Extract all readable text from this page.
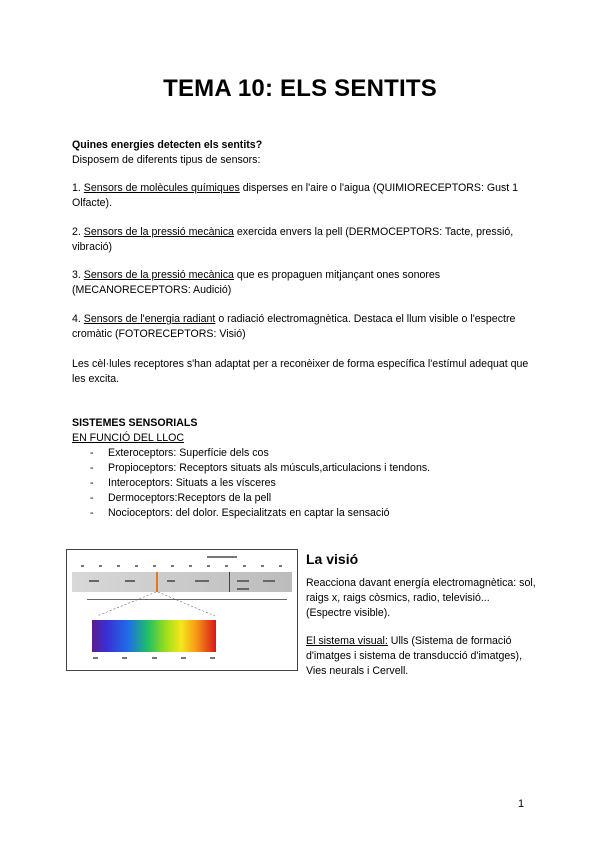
TEMA 10: ELS SENTITS
Quines energies detecten els sentits?
Disposem de diferents tipus de sensors:
1. Sensors de molècules químiques disperses en l'aire o l'aigua (QUIMIORECEPTORS: Gust 1 Olfacte).
2. Sensors de la pressió mecànica exercida envers la pell (DERMOCEPTORS: Tacte, pressió, vibració)
3. Sensors de la pressió mecànica que es propaguen mitjançant ones sonores (MECANORECEPTORS: Audició)
4. Sensors de l'energia radiant o radiació electromagnètica. Destaca el llum visible o l'espectre cromàtic (FOTORECEPTORS: Visió)
Les cèl·lules receptores s'han adaptat per a reconèixer de forma específica l'estímul adequat que les excita.
SISTEMES SENSORIALS
EN FUNCIÓ DEL LLOC
- Exteroceptors: Superfície dels cos
- Propioceptors: Receptors situats als músculs,articulacions i tendons.
- Interoceptors: Situats a les vísceres
- Dermoceptors:Receptors de la pell
- Nocioceptors: del dolor. Especialitzats en captar la sensació
La visió
Reacciona davant energía electromagnètica: sol, raigs x, raigs còsmics, radio, televisió... (Espectre visible).
El sistema visual: Ulls (Sistema de formació d'imatges i sistema de transducció d'imatges), Vies neurals i Cervell.
1
